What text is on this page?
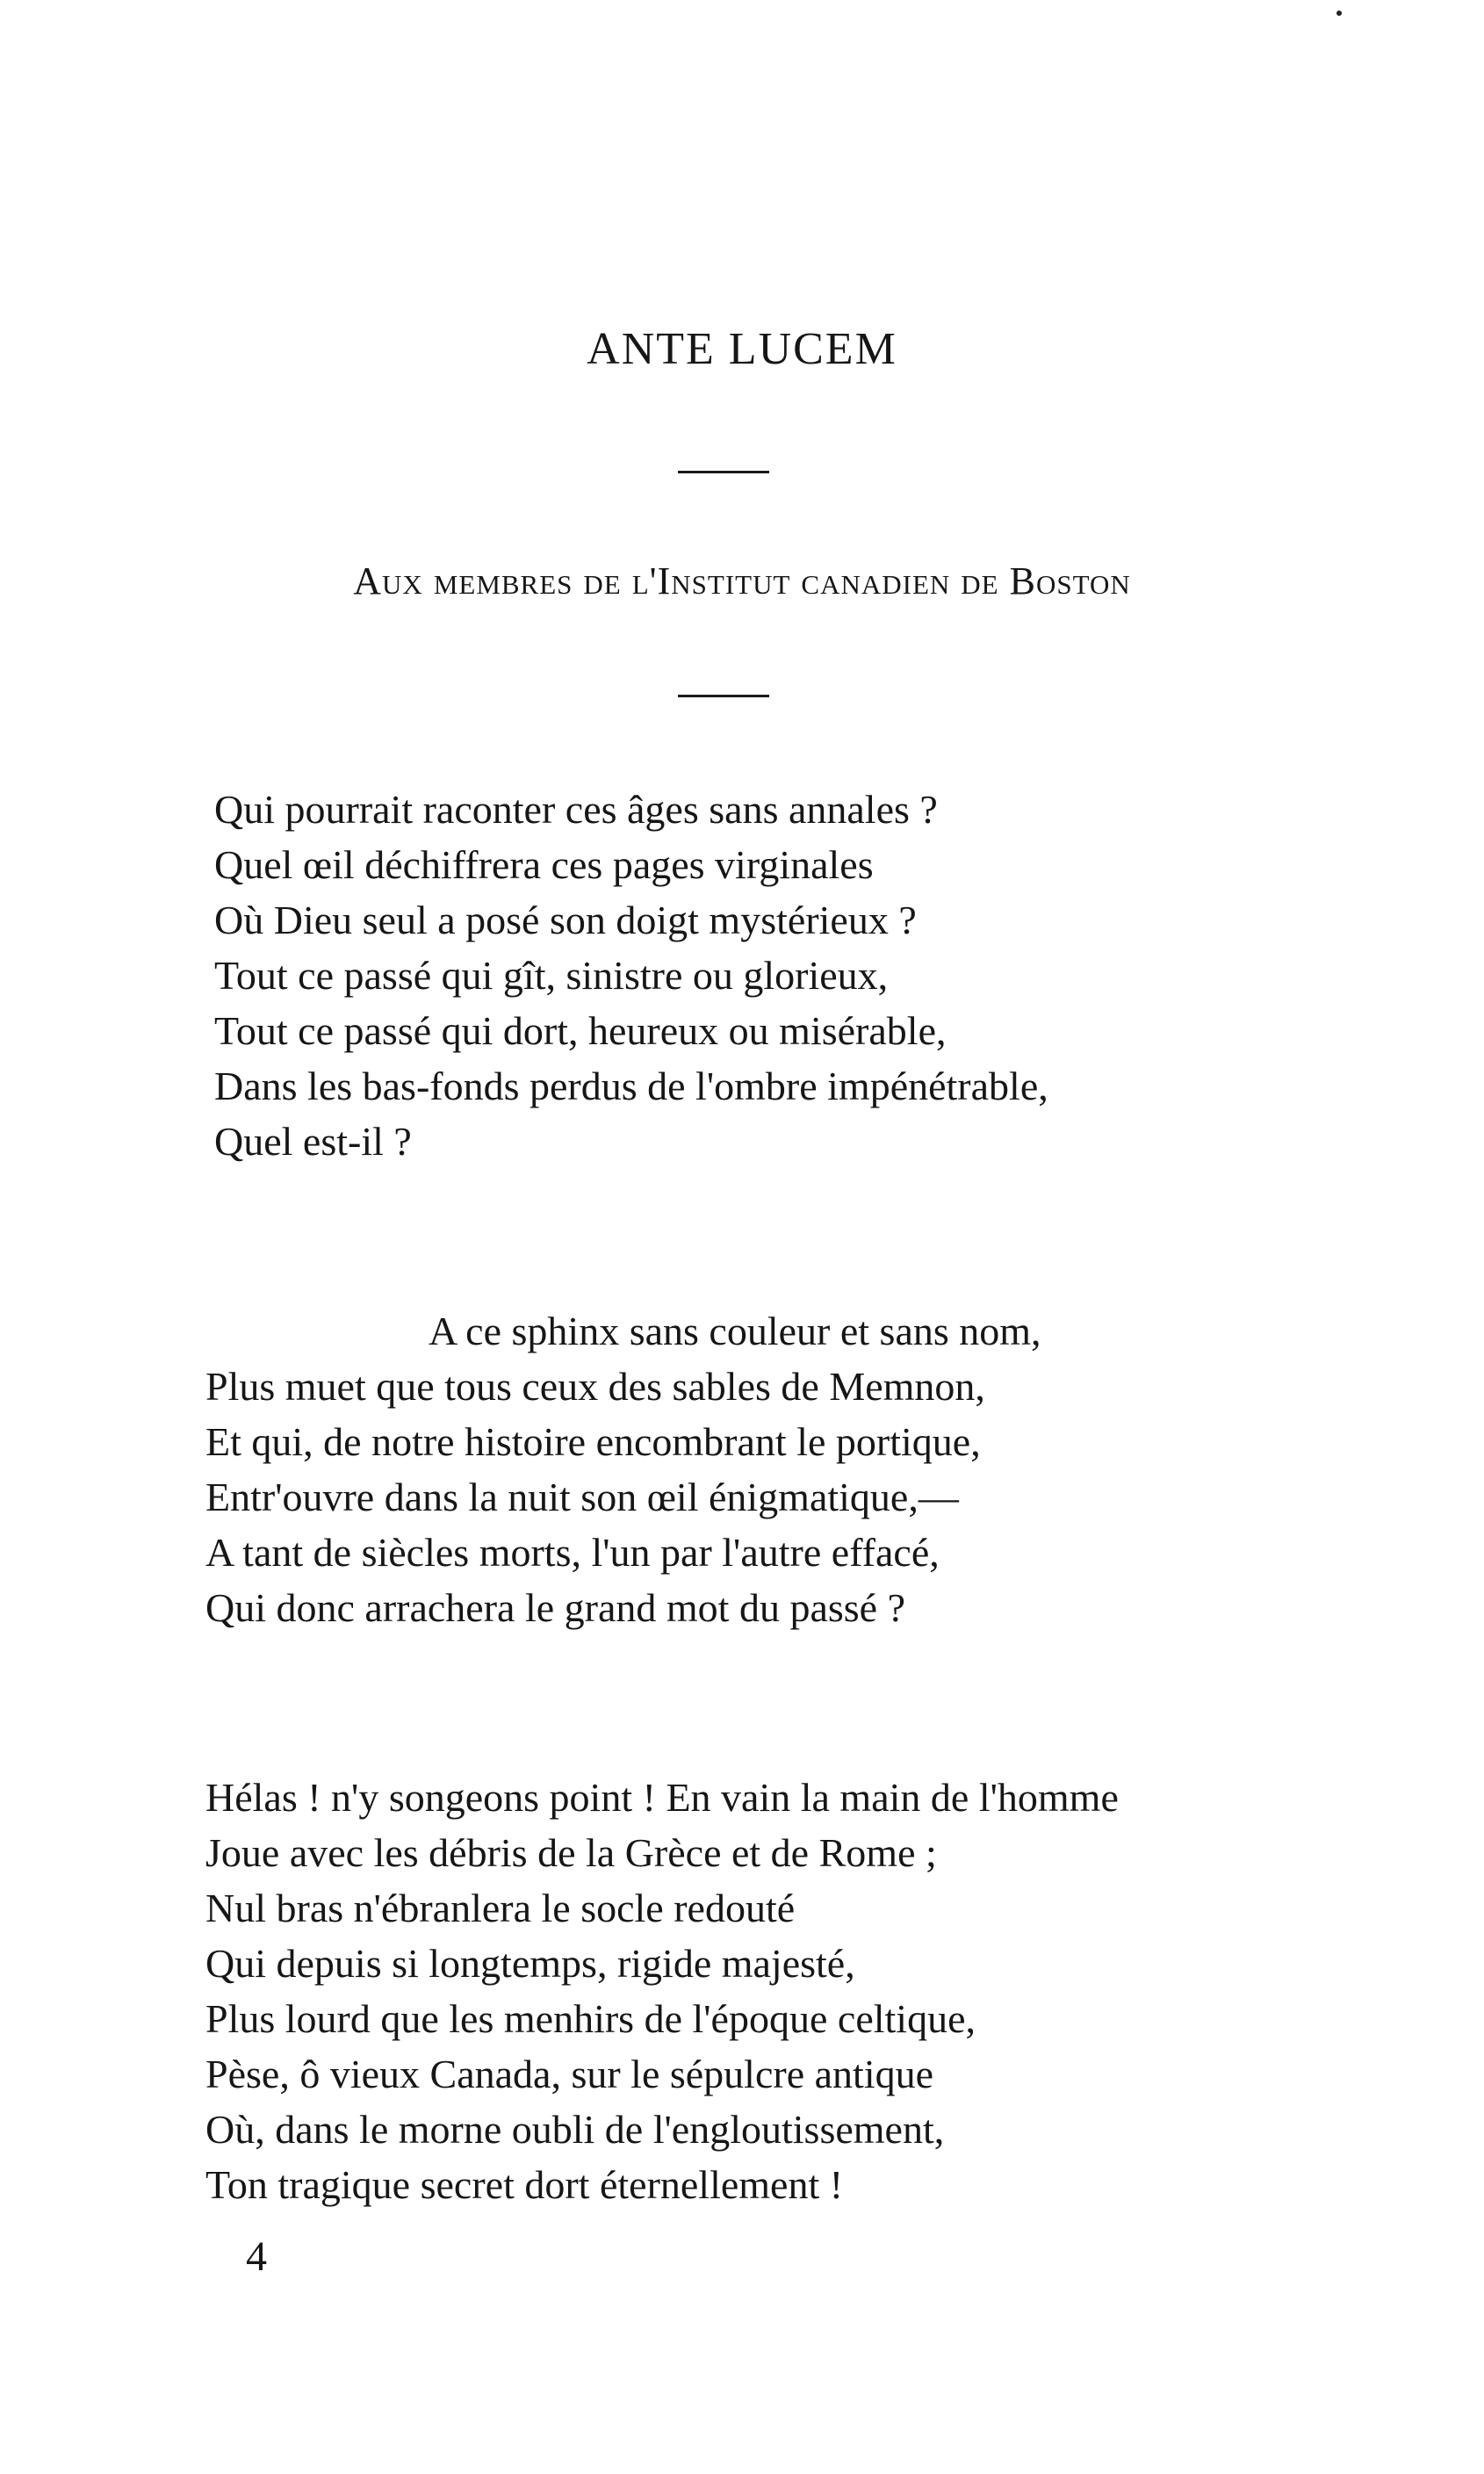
ANTE LUCEM
Aux membres de l'Institut canadien de Boston
Qui pourrait raconter ces âges sans annales ?
Quel œil déchiffrera ces pages virginales
Où Dieu seul a posé son doigt mystérieux ?
Tout ce passé qui gît, sinistre ou glorieux,
Tout ce passé qui dort, heureux ou misérable,
Dans les bas-fonds perdus de l'ombre impénétrable,
Quel est-il ?
A ce sphinx sans couleur et sans nom,
Plus muet que tous ceux des sables de Memnon,
Et qui, de notre histoire encombrant le portique,
Entr'ouvre dans la nuit son œil énigmatique,—
A tant de siècles morts, l'un par l'autre effacé,
Qui donc arrachera le grand mot du passé ?
Hélas ! n'y songeons point ! En vain la main de l'homme
Joue avec les débris de la Grèce et de Rome ;
Nul bras n'ébranlera le socle redouté
Qui depuis si longtemps, rigide majesté,
Plus lourd que les menhirs de l'époque celtique,
Pèse, ô vieux Canada, sur le sépulcre antique
Où, dans le morne oubli de l'engloutissement,
Ton tragique secret dort éternellement !
4
